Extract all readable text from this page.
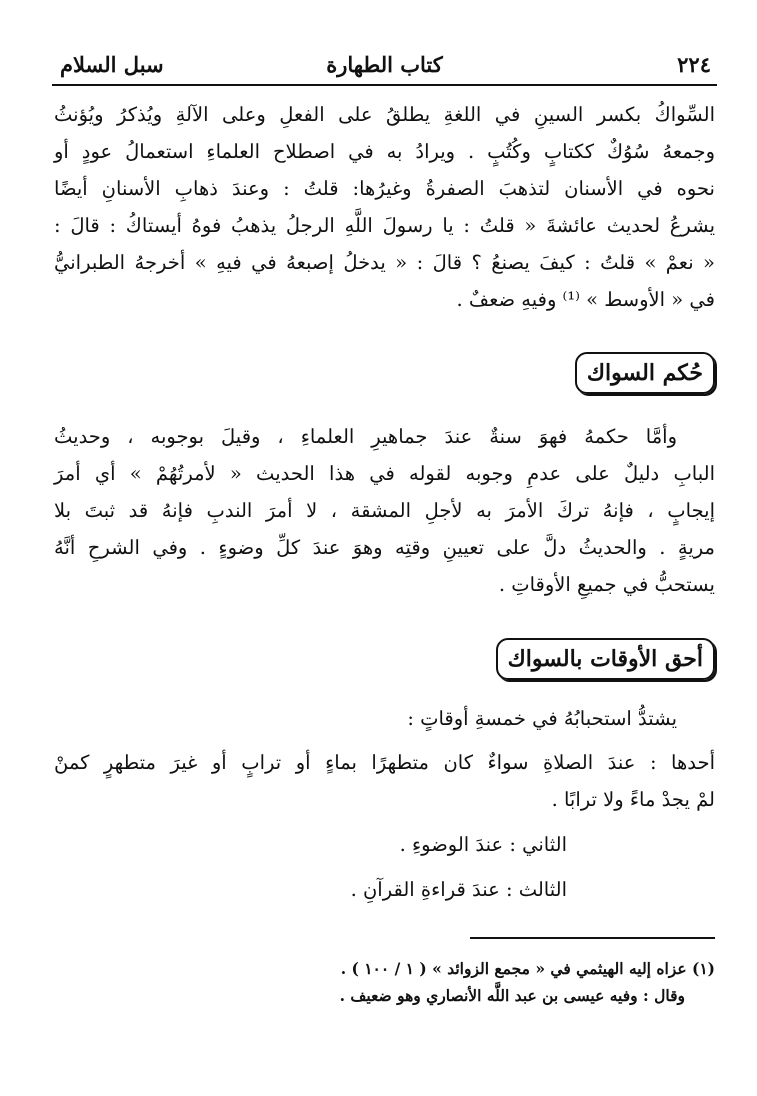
٢٢٤
كتاب الطهارة
سبل السلام
السِّواكُ بكسر السينِ في اللغةِ يطلقُ على الفعلِ وعلى الآلةِ ويُذكرُ ويُؤنثُ
وجمعهُ سُوُكٌ ككتابٍ وكُتُبٍ . ويرادُ به في اصطلاح العلماءِ استعمالُ عودٍ أو
نحوه في الأسنان لتذهبَ الصفرةُ وغيرُها: قلتُ : وعندَ ذهابِ الأسنانِ أيضًا
يشرعُ لحديث عائشةَ « قلتُ : يا رسولَ اللَّهِ الرجلُ يذهبُ فوهُ أيستاكُ : قالَ :
« نعمْ » قلتُ : كيفَ يصنعُ ؟ قالَ : « يدخلُ إصبعهُ في فيهِ » أخرجهُ الطبرانيُّ
في « الأوسط » ⁽¹⁾ وفيهِ ضعفٌ .
حُكم السواك
وأمَّا حكمهُ فهوَ سنةٌ عندَ جماهيرِ العلماءِ ، وقيلَ بوجوبه ، وحديثُ
البابِ دليلٌ على عدمِ وجوبه لقوله في هذا الحديث « لأمرتُهُمْ » أي أمرَ
إيجابٍ ، فإنهُ تركَ الأمرَ به لأجلِ المشقة ، لا أمرَ الندبِ فإنهُ قد ثبتَ بلا
مريةٍ . والحديثُ دلَّ على تعيينِ وقتِه وهوَ عندَ كلِّ وضوءٍ . وفي الشرحِ أنَّهُ
يستحبُّ في جميعِ الأوقاتِ .
أحق الأوقات بالسواك
يشتدُّ استحبابُهُ في خمسةِ أوقاتٍ :
أحدها : عندَ الصلاةِ سواءٌ كان متطهرًا بماءٍ أو ترابٍ أو غيرَ متطهرٍ كمنْ
لمْ يجدْ ماءً ولا ترابًا .
الثاني : عندَ الوضوءِ .
الثالث : عندَ قراءةِ القرآنِ .
(١) عزاه إليه الهيثمي في « مجمع الزوائد » ( ١ / ١٠٠ ) .
وقال : وفيه عيسى بن عبد اللَّه الأنصاري وهو ضعيف .
